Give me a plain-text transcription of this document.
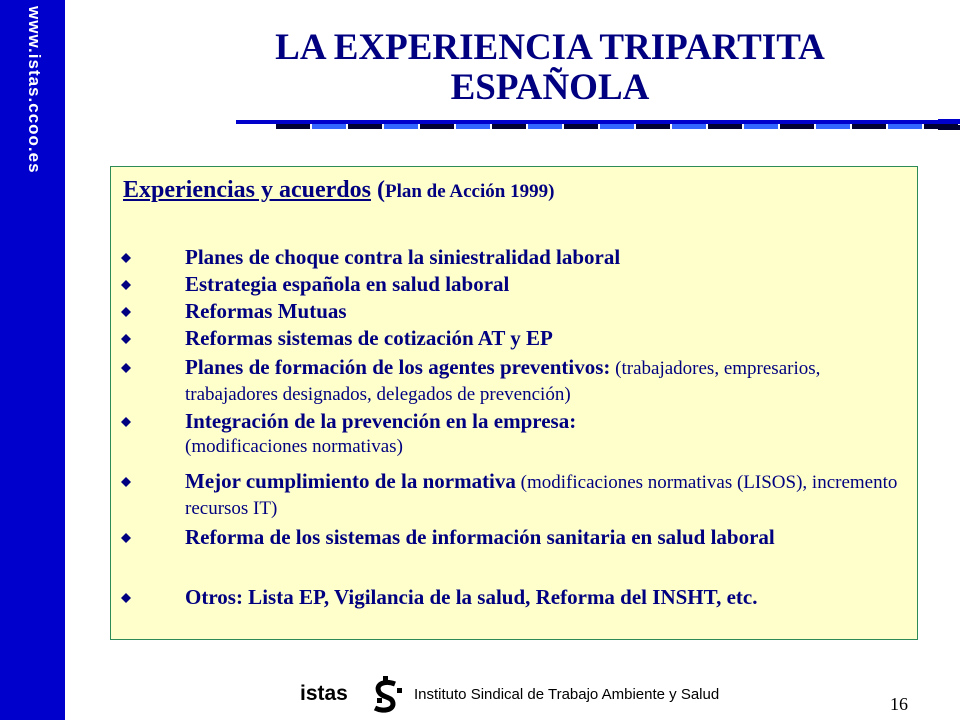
www.istas.ccoo.es	LA EXPERIENCIA TRIPARTITA
ESPAÑOLA
Experiencias y acuerdos (Plan de Acción 1999)
Planes de choque contra la siniestralidad laboral
Estrategia española en salud laboral
Reformas Mutuas
Reformas sistemas de cotización AT y EP
Planes de formación de los agentes preventivos: (trabajadores, empresarios, trabajadores designados, delegados de prevención)
Integración de la prevención en la empresa:
(modificaciones normativas)
Mejor cumplimiento de la normativa (modificaciones normativas (LISOS), incremento recursos IT)
Reforma de los sistemas de información sanitaria en salud laboral
Otros: Lista EP, Vigilancia de la salud, Reforma del INSHT, etc.
istas	Instituto Sindical de Trabajo Ambiente y Salud	16
